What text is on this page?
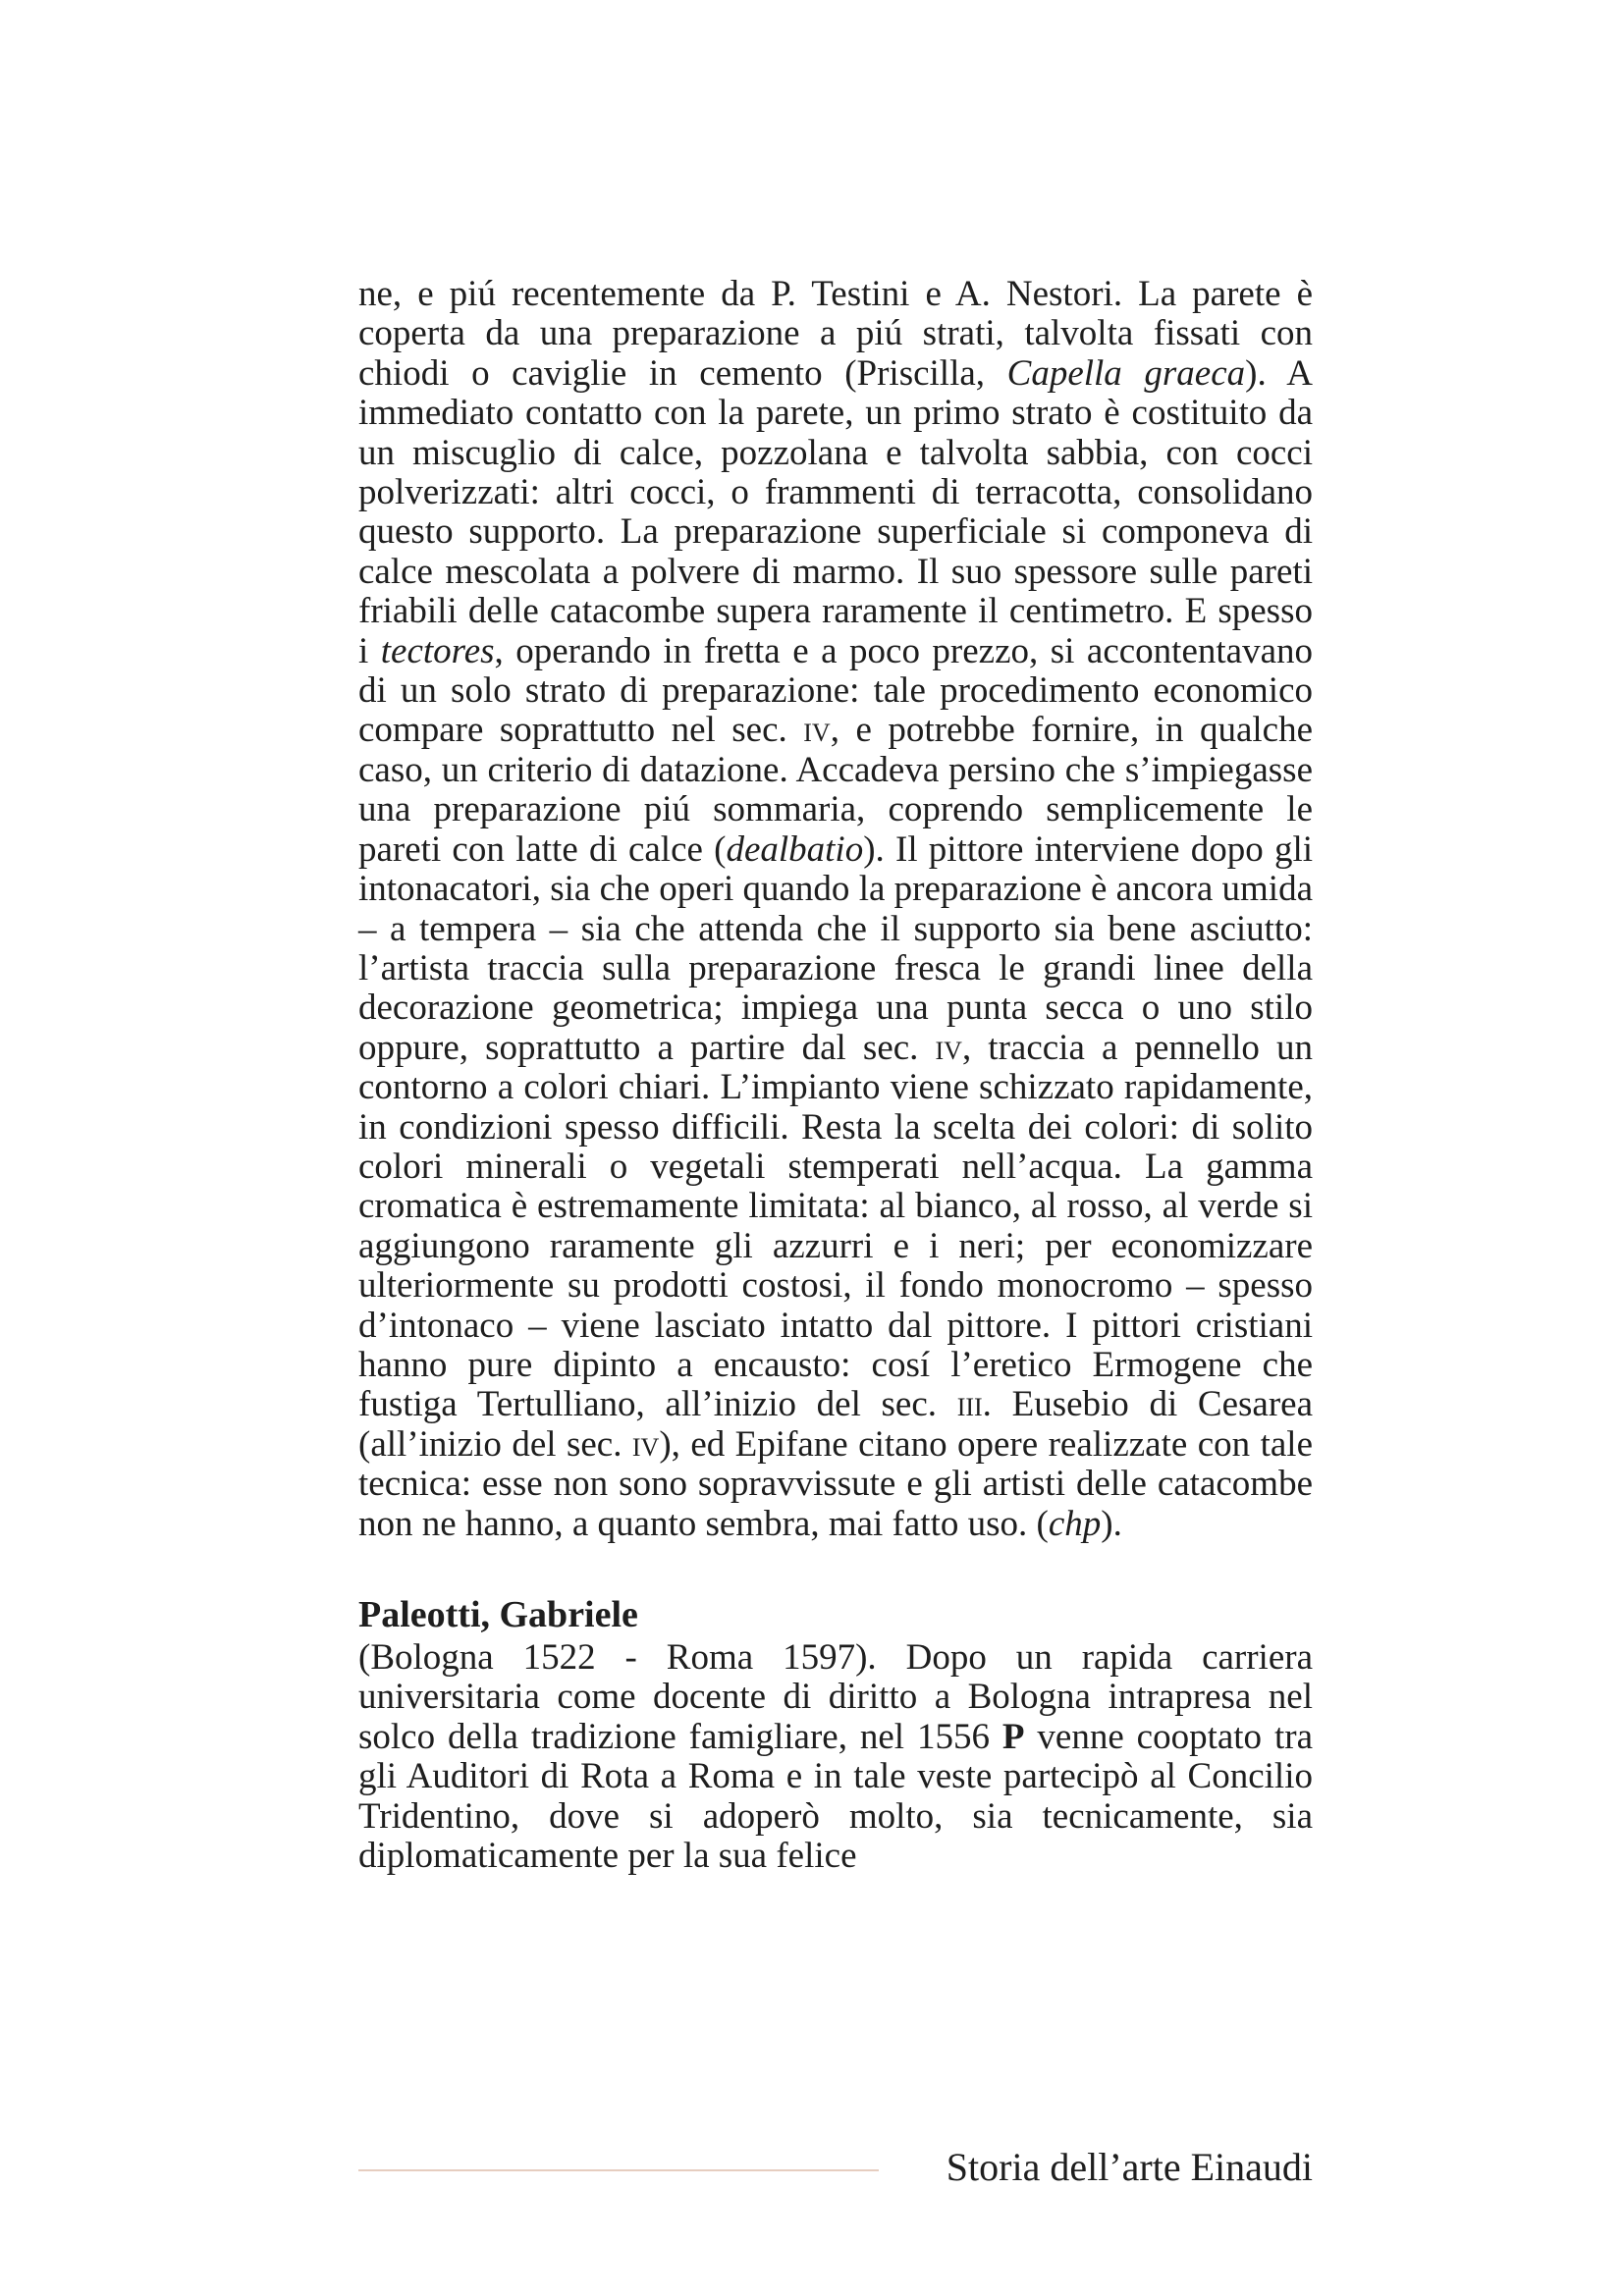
ne, e piú recentemente da P. Testini e A. Nestori. La parete è coperta da una preparazione a piú strati, talvolta fissati con chiodi o caviglie in cemento (Priscilla, Capella graeca). A immediato contatto con la parete, un primo strato è costituito da un miscuglio di calce, pozzolana e talvolta sabbia, con cocci polverizzati: altri cocci, o frammenti di terracotta, consolidano questo supporto. La preparazione superficiale si componeva di calce mescolata a polvere di marmo. Il suo spessore sulle pareti friabili delle catacombe supera raramente il centimetro. E spesso i tectores, operando in fretta e a poco prezzo, si accontentavano di un solo strato di preparazione: tale procedimento economico compare soprattutto nel sec. iv, e potrebbe fornire, in qualche caso, un criterio di datazione. Accadeva persino che s’impiegasse una preparazione piú sommaria, coprendo semplicemente le pareti con latte di calce (dealbatio). Il pittore interviene dopo gli intonacatori, sia che operi quando la preparazione è ancora umida – a tempera – sia che attenda che il supporto sia bene asciutto: l’artista traccia sulla preparazione fresca le grandi linee della decorazione geometrica; impiega una punta secca o uno stilo oppure, soprattutto a partire dal sec. iv, traccia a pennello un contorno a colori chiari. L’impianto viene schizzato rapidamente, in condizioni spesso difficili. Resta la scelta dei colori: di solito colori minerali o vegetali stemperati nell’acqua. La gamma cromatica è estremamente limitata: al bianco, al rosso, al verde si aggiungono raramente gli azzurri e i neri; per economizzare ulteriormente su prodotti costosi, il fondo monocromo – spesso d’intonaco – viene lasciato intatto dal pittore. I pittori cristiani hanno pure dipinto a encausto: cosí l’eretico Ermogene che fustiga Tertulliano, all’inizio del sec. iii. Eusebio di Cesarea (all’inizio del sec. iv), ed Epifane citano opere realizzate con tale tecnica: esse non sono sopravvissute e gli artisti delle catacombe non ne hanno, a quanto sembra, mai fatto uso. (chp).

Paleotti, Gabriele

(Bologna 1522 - Roma 1597). Dopo un rapida carriera universitaria come docente di diritto a Bologna intrapresa nel solco della tradizione famigliare, nel 1556 P venne cooptato tra gli Auditori di Rota a Roma e in tale veste partecipò al Concilio Tridentino, dove si adoperò molto, sia tecnicamente, sia diplomaticamente per la sua felice

Storia dell’arte Einaudi
